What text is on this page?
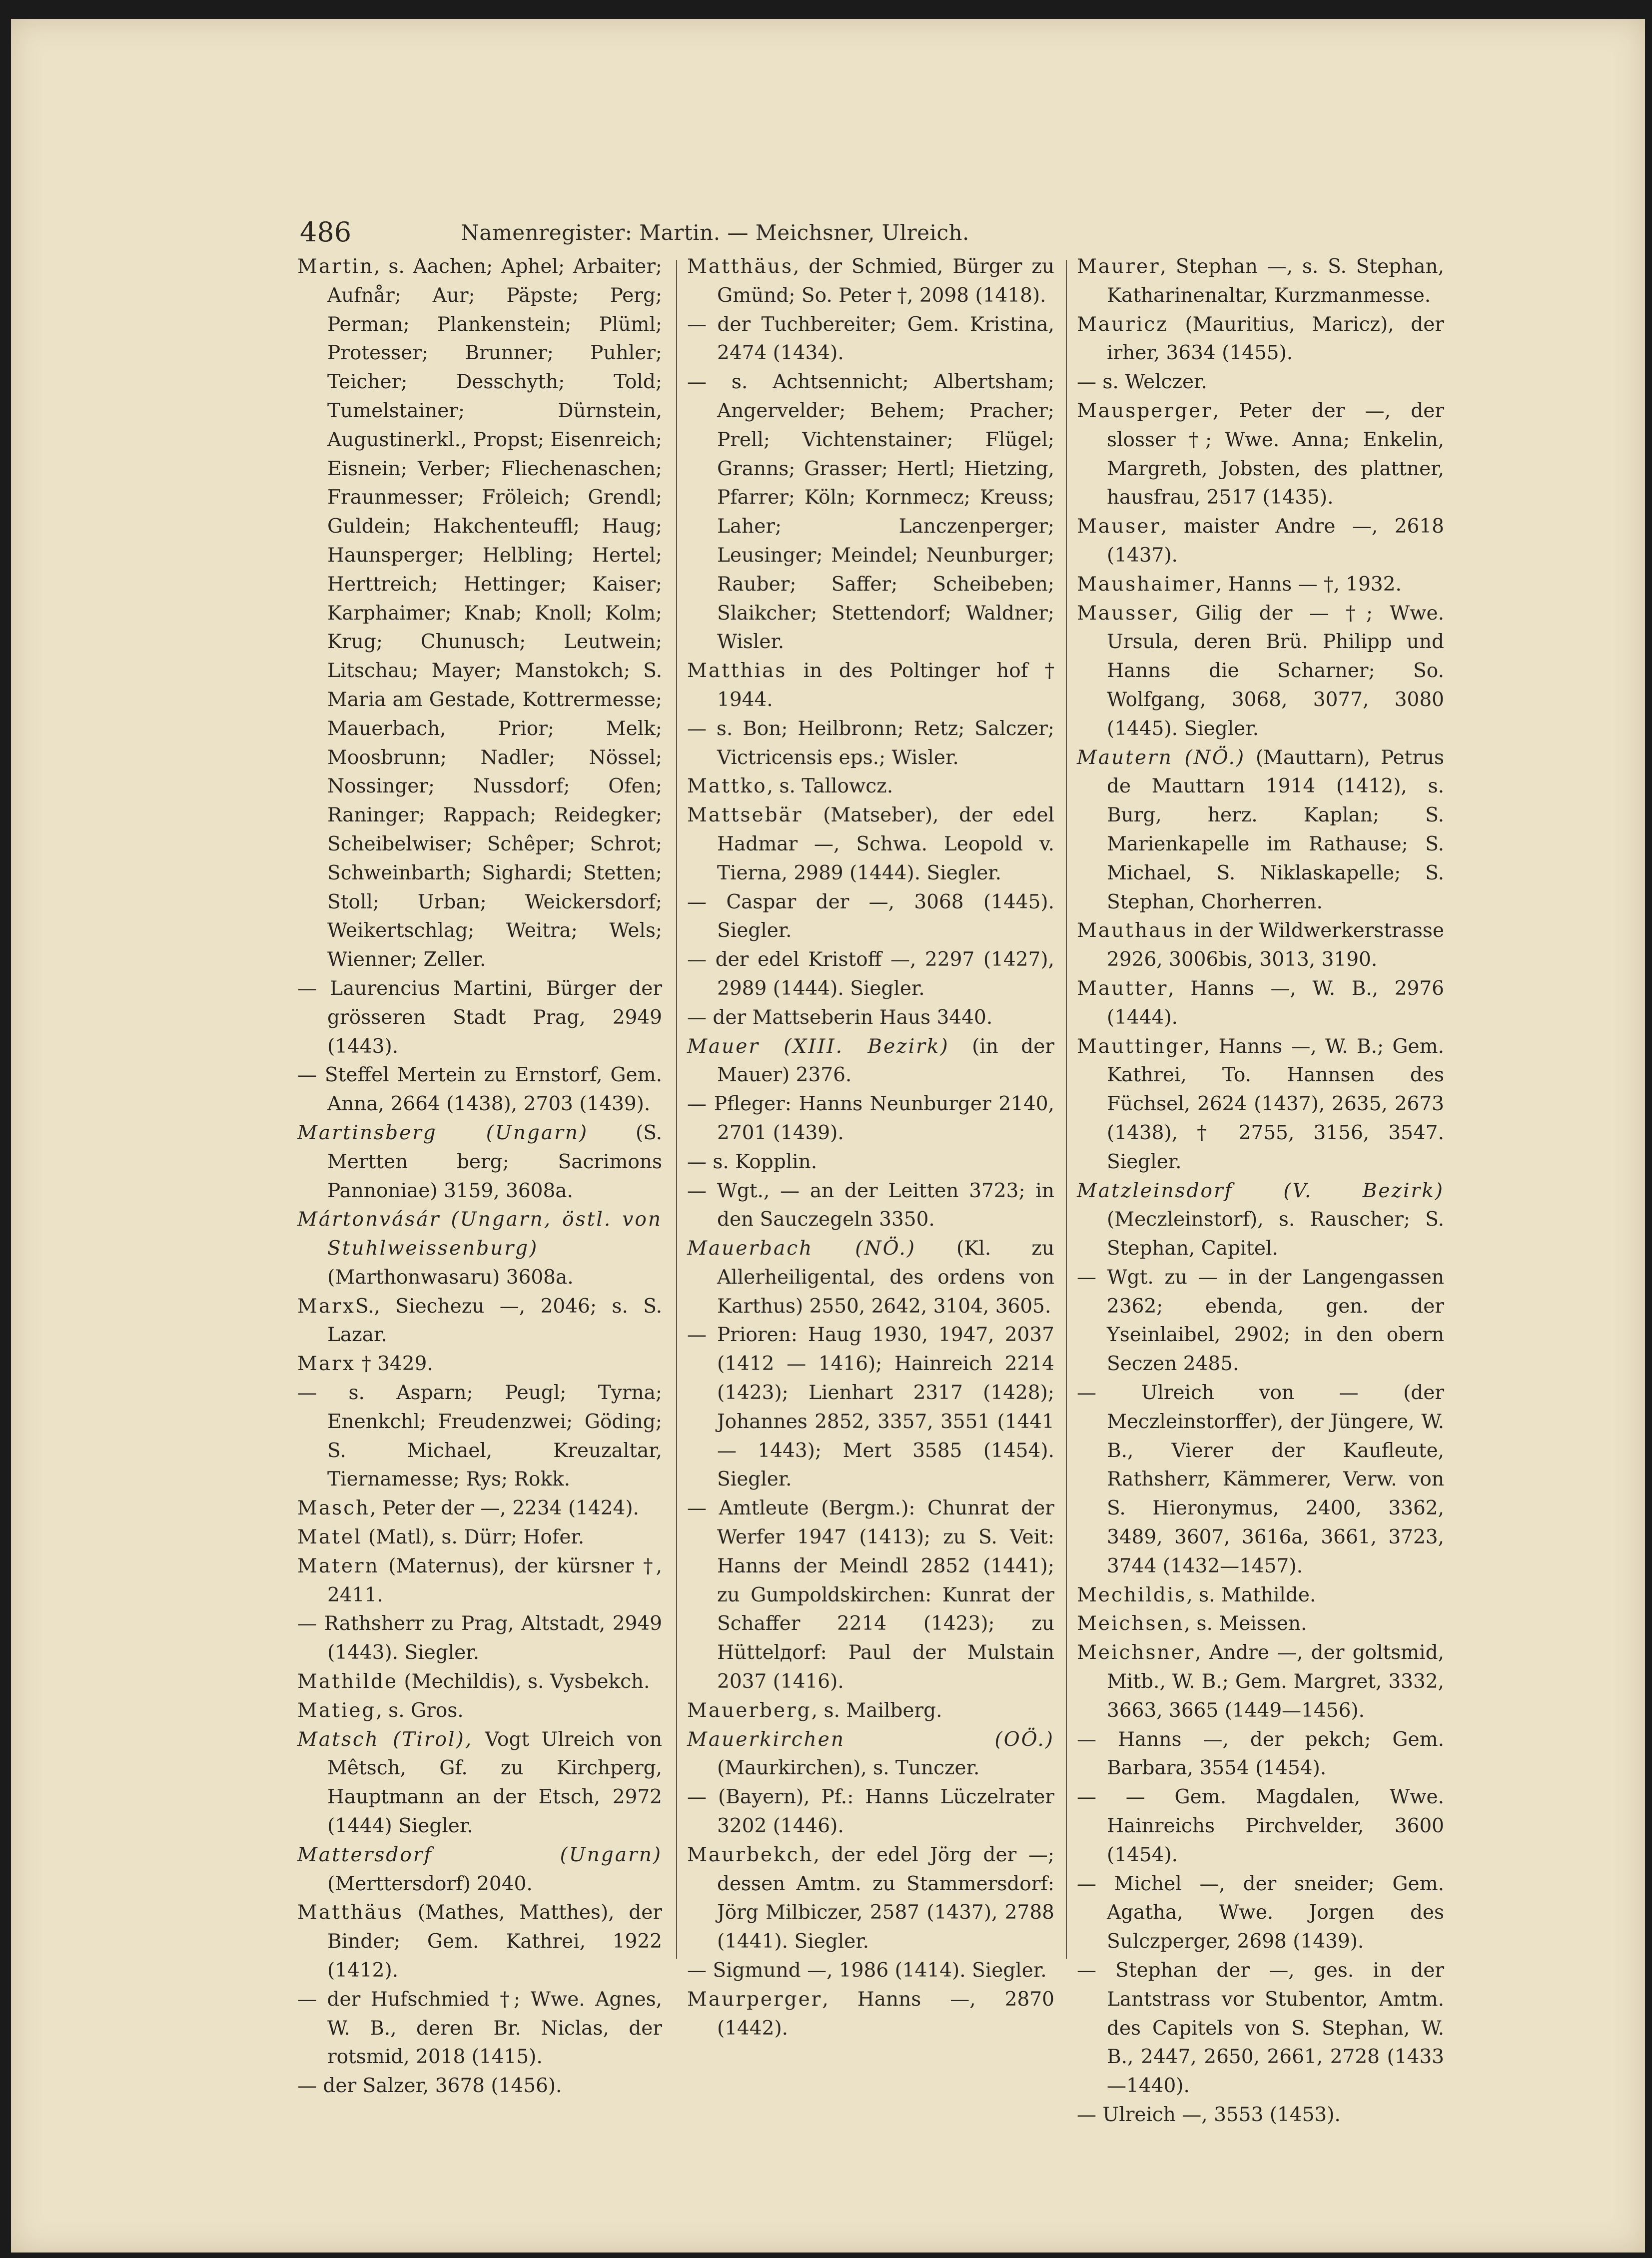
486	Namenregister: Martin. — Meichsner, Ulreich.
Martin, s. Aachen; Aphel; Arbaiter; Aufnår; Aur; Päpste; Perg; Perman; Plankenstein; Plüml; Protesser; Brunner; Puhler; Teicher; Desschyth; Told; Tumelstainer; Dürnstein, Augustinerkl., Propst; Eisenreich; Eisnein; Verber; Fliechenaschen; Fraunmesser; Fröleich; Grendl; Guldein; Hakchenteuffl; Haug; Haunsperger; Helbling; Hertel; Herttreich; Hettinger; Kaiser; Karphaimer; Knab; Knoll; Kolm; Krug; Chunusch; Leutwein; Litschau; Mayer; Manstokch; S. Maria am Gestade, Kottrermesse; Mauerbach, Prior; Melk; Moosbrunn; Nadler; Nössel; Nossinger; Nussdorf; Ofen; Raninger; Rappach; Reidegker; Scheibelwiser; Schêper; Schrot; Schweinbarth; Sighardi; Stetten; Stoll; Urban; Weickersdorf; Weikertschlag; Weitra; Wels; Wienner; Zeller.
— Laurencius Martini, Bürger der grösseren Stadt Prag, 2949 (1443).
— Steffel Mertein zu Ernstorf, Gem. Anna, 2664 (1438), 2703 (1439).
Martinsberg (Ungarn) (S. Mertten berg; Sacrimons Pannoniae) 3159, 3608a.
Mártonvásár (Ungarn, östl. von Stuhlweissenburg) (Marthonwasaru) 3608a.
MarxS., Siechezu —, 2046; s. S. Lazar.
Marx † 3429.
— s. Asparn; Peugl; Tyrna; Enenkchl; Freudenzwei; Göding; S. Michael, Kreuzaltar, Tiernamesse; Rys; Rokk.
Masch, Peter der —, 2234 (1424).
Matel (Matl), s. Dürr; Hofer.
Matern (Maternus), der kürsner †, 2411.
— Rathsherr zu Prag, Altstadt, 2949 (1443). Siegler.
Mathilde (Mechildis), s. Vysbekch.
Matieg, s. Gros.
Matsch (Tirol), Vogt Ulreich von Mêtsch, Gf. zu Kirchperg, Hauptmann an der Etsch, 2972 (1444) Siegler.
Mattersdorf (Ungarn) (Merttersdorf) 2040.
Matthäus (Mathes, Matthes), der Binder; Gem. Kathrei, 1922 (1412).
— der Hufschmied †; Wwe. Agnes, W. B., deren Br. Niclas, der rotsmid, 2018 (1415).
— der Salzer, 3678 (1456).
Matthäus, der Schmied, Bürger zu Gmünd; So. Peter †, 2098 (1418).
— der Tuchbereiter; Gem. Kristina, 2474 (1434).
— s. Achtsennicht; Albertsham; Angervelder; Behem; Pracher; Prell; Vichtenstainer; Flügel; Granns; Grasser; Hertl; Hietzing, Pfarrer; Köln; Kornmecz; Kreuss; Laher; Lanczenperger; Leusinger; Meindel; Neunburger; Rauber; Saffer; Scheibeben; Slaikcher; Stettendorf; Waldner; Wisler.
Matthias in des Poltinger hof † 1944.
— s. Bon; Heilbronn; Retz; Salczer; Victricensis eps.; Wisler.
Mattko, s. Tallowcz.
Mattsebär (Matseber), der edel Hadmar —, Schwa. Leopold v. Tierna, 2989 (1444). Siegler.
— Caspar der —, 3068 (1445). Siegler.
— der edel Kristoff —, 2297 (1427), 2989 (1444). Siegler.
— der Mattseberin Haus 3440.
Mauer (XIII. Bezirk) (in der Mauer) 2376.
— Pfleger: Hanns Neunburger 2140, 2701 (1439).
— s. Kopplin.
— Wgt., — an der Leitten 3723; in den Sauczegeln 3350.
Mauerbach (NÖ.) (Kl. zu Allerheiligental, des ordens von Karthus) 2550, 2642, 3104, 3605.
— Prioren: Haug 1930, 1947, 2037 (1412 — 1416); Hainreich 2214 (1423); Lienhart 2317 (1428); Johannes 2852, 3357, 3551 (1441 — 1443); Mert 3585 (1454). Siegler.
— Amtleute (Bergm.): Chunrat der Werfer 1947 (1413); zu S. Veit: Hanns der Meindl 2852 (1441); zu Gumpoldskirchen: Kunrat der Schaffer 2214 (1423); zu Hüttelдorf: Paul der Mulstain 2037 (1416).
Mauerberg, s. Mailberg.
Mauerkirchen (OÖ.) (Maurkirchen), s. Tunczer.
— (Bayern), Pf.: Hanns Lüczelrater 3202 (1446).
Maurbekch, der edel Jörg der —; dessen Amtm. zu Stammersdorf: Jörg Milbiczer, 2587 (1437), 2788 (1441). Siegler.
— Sigmund —, 1986 (1414). Siegler.
Maurperger, Hanns —, 2870 (1442).
Maurer, Stephan —, s. S. Stephan, Katharinenaltar, Kurzmanmesse.
Mauricz (Mauritius, Maricz), der irher, 3634 (1455).
— s. Welczer.
Mausperger, Peter der —, der slosser †; Wwe. Anna; Enkelin, Margreth, Jobsten, des plattner, hausfrau, 2517 (1435).
Mauser, maister Andre —, 2618 (1437).
Maushaimer, Hanns — †, 1932.
Mausser, Gilig der — †; Wwe. Ursula, deren Brü. Philipp und Hanns die Scharner; So. Wolfgang, 3068, 3077, 3080 (1445). Siegler.
Mautern (NÖ.) (Mauttarn), Petrus de Mauttarn 1914 (1412), s. Burg, herz. Kaplan; S. Marienkapelle im Rathause; S. Michael, S. Niklaskapelle; S. Stephan, Chorherren.
Mauthaus in der Wildwerkerstrasse 2926, 3006bis, 3013, 3190.
Mautter, Hanns —, W. B., 2976 (1444).
Mauttinger, Hanns —, W. B.; Gem. Kathrei, To. Hannsen des Füchsel, 2624 (1437), 2635, 2673 (1438), † 2755, 3156, 3547. Siegler.
Matzleinsdorf (V. Bezirk) (Meczleinstorf), s. Rauscher; S. Stephan, Capitel.
— Wgt. zu — in der Langengassen 2362; ebenda, gen. der Yseinlaibel, 2902; in den obern Seczen 2485.
— Ulreich von — (der Meczleinstorffer), der Jüngere, W. B., Vierer der Kaufleute, Rathsherr, Kämmerer, Verw. von S. Hieronymus, 2400, 3362, 3489, 3607, 3616a, 3661, 3723, 3744 (1432—1457).
Mechildis, s. Mathilde.
Meichsen, s. Meissen.
Meichsner, Andre —, der goltsmid, Mitb., W. B.; Gem. Margret, 3332, 3663, 3665 (1449—1456).
— Hanns —, der pekch; Gem. Barbara, 3554 (1454).
— — Gem. Magdalen, Wwe. Hainreichs Pirchvelder, 3600 (1454).
— Michel —, der sneider; Gem. Agatha, Wwe. Jorgen des Sulczperger, 2698 (1439).
— Stephan der —, ges. in der Lantstrass vor Stubentor, Amtm. des Capitels von S. Stephan, W. B., 2447, 2650, 2661, 2728 (1433—1440).
— Ulreich —, 3553 (1453).
